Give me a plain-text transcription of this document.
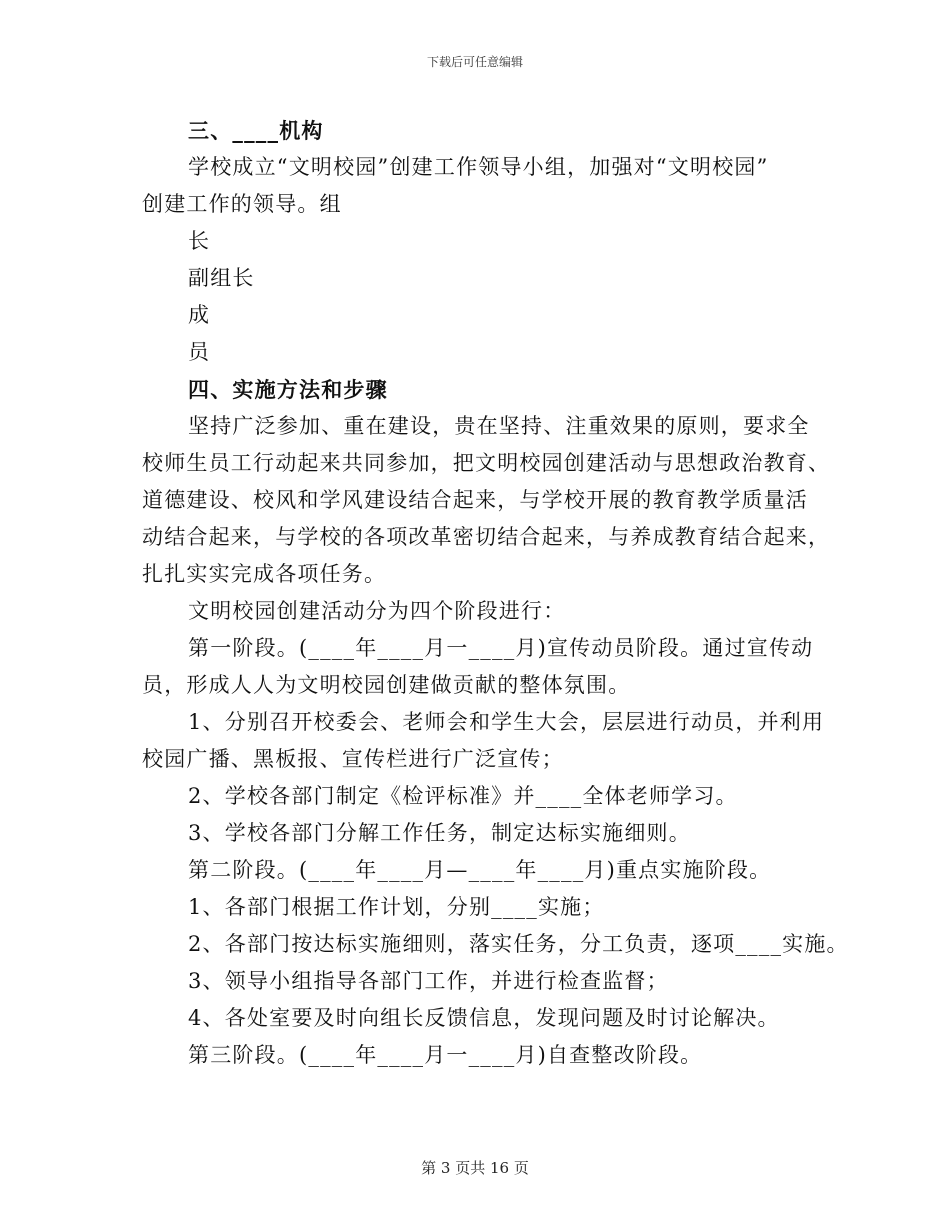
下载后可任意编辑
三、____机构
学校成立“文明校园”创建工作领导小组，加强对“文明校园”
创建工作的领导。组
长
副组长
成
员
四、实施方法和步骤
坚持广泛参加、重在建设，贵在坚持、注重效果的原则，要求全
校师生员工行动起来共同参加，把文明校园创建活动与思想政治教育、
道德建设、校风和学风建设结合起来，与学校开展的教育教学质量活
动结合起来，与学校的各项改革密切结合起来，与养成教育结合起来，
扎扎实实完成各项任务。
文明校园创建活动分为四个阶段进行：
第一阶段。(____年____月一____月)宣传动员阶段。通过宣传动
员，形成人人为文明校园创建做贡献的整体氛围。
1、分别召开校委会、老师会和学生大会，层层进行动员，并利用
校园广播、黑板报、宣传栏进行广泛宣传；
2、学校各部门制定《检评标准》并____全体老师学习。
3、学校各部门分解工作任务，制定达标实施细则。
第二阶段。(____年____月—____年____月)重点实施阶段。
1、各部门根据工作计划，分别____实施；
2、各部门按达标实施细则，落实任务，分工负责，逐项____实施。
3、领导小组指导各部门工作，并进行检查监督；
4、各处室要及时向组长反馈信息，发现问题及时讨论解决。
第三阶段。(____年____月一____月)自查整改阶段。
第 3 页共 16 页
